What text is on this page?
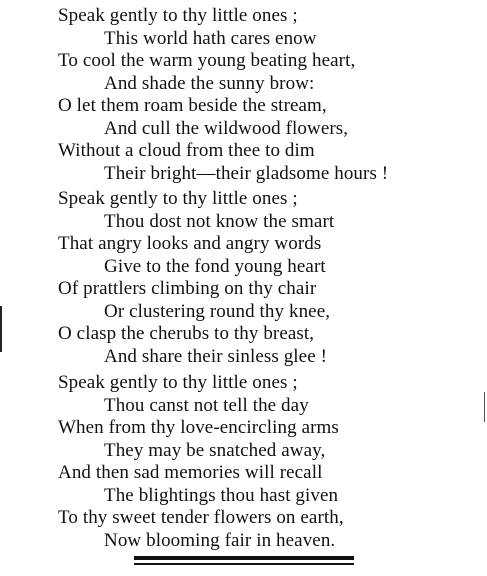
Speak gently to thy little ones ;
This world hath cares enow
To cool the warm young beating heart,
And shade the sunny brow:
O let them roam beside the stream,
And cull the wildwood flowers,
Without a cloud from thee to dim
Their bright—their gladsome hours !
Speak gently to thy little ones ;
Thou dost not know the smart
That angry looks and angry words
Give to the fond young heart
Of prattlers climbing on thy chair
Or clustering round thy knee,
O clasp the cherubs to thy breast,
And share their sinless glee !
Speak gently to thy little ones ;
Thou canst not tell the day
When from thy love-encircling arms
They may be snatched away,
And then sad memories will recall
The blightings thou hast given
To thy sweet tender flowers on earth,
Now blooming fair in heaven.
